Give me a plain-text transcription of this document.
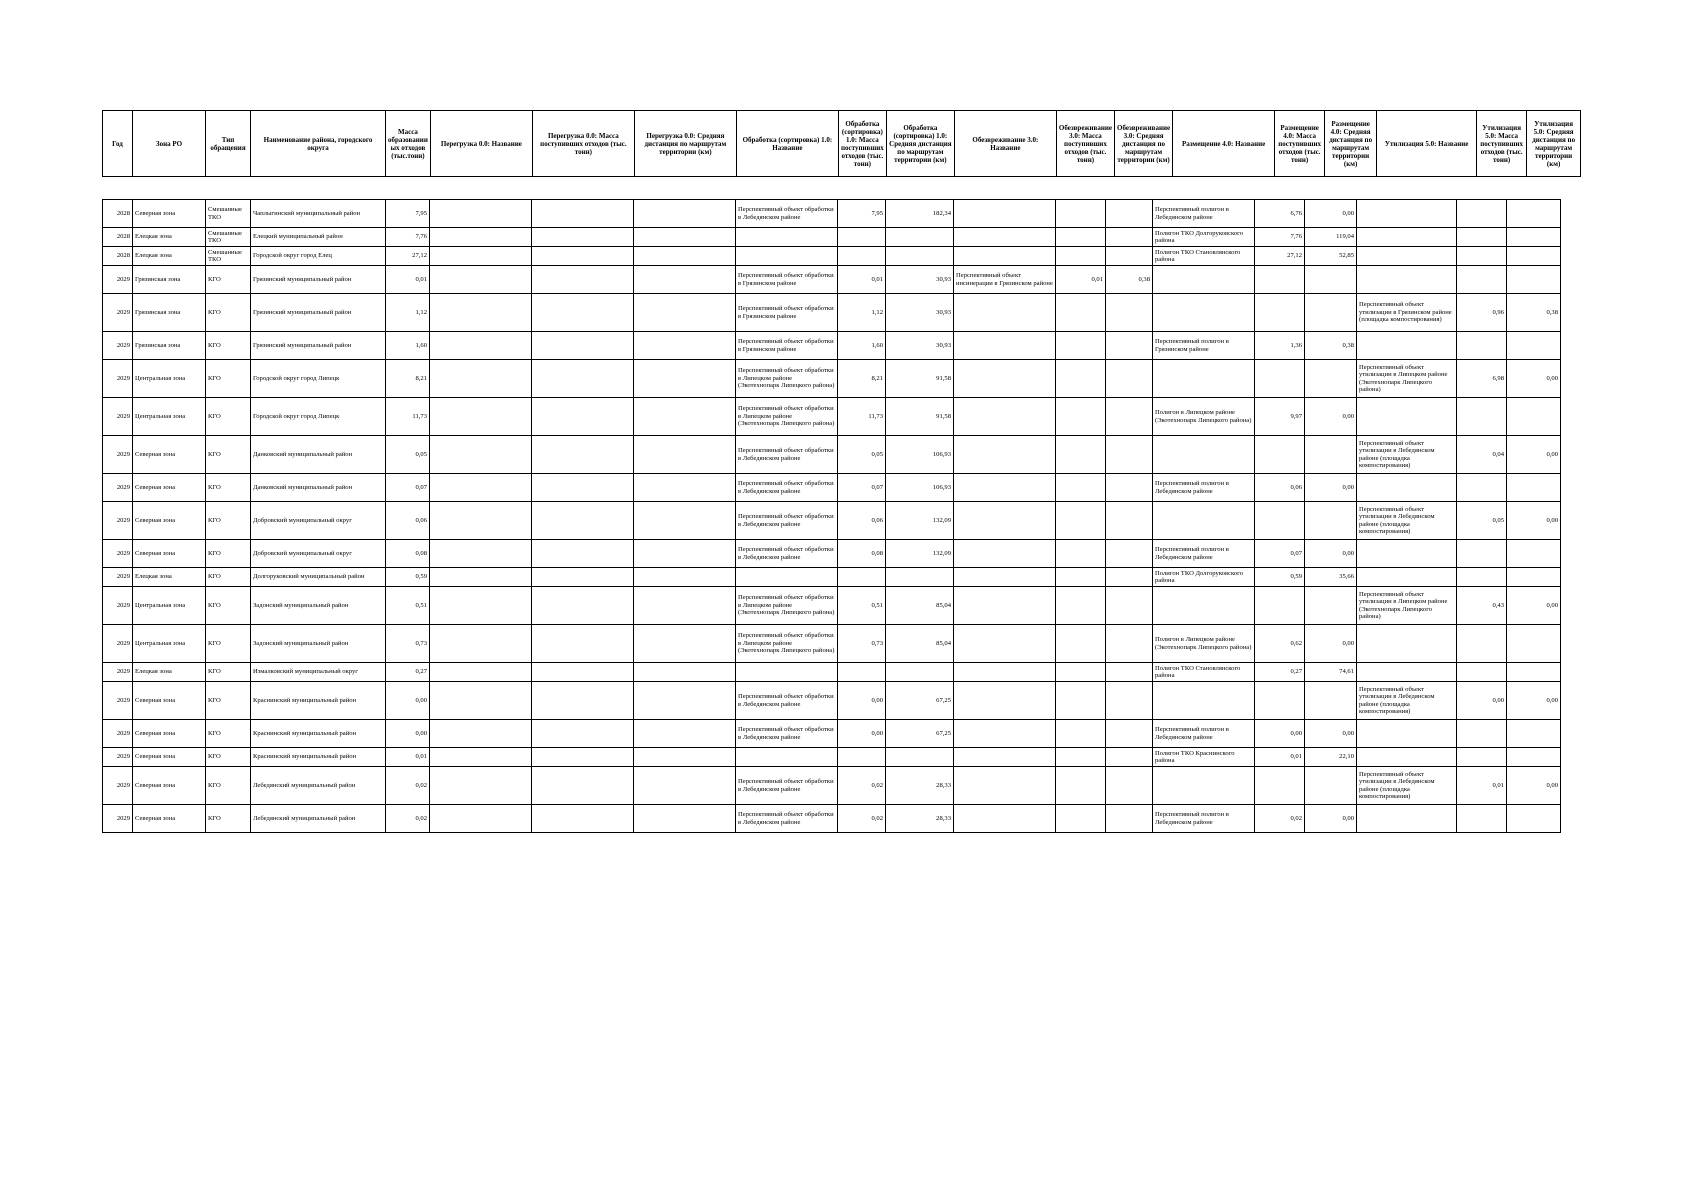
Год	Зона РО	Тип обращения	Наименование района, городского округа	Масса образовании ых отходов (тыс.тонн)	Перегрузка 0.0: Название	Перегрузка 0.0: Масса поступивших отходов (тыс. тонн)	Перегрузка 0.0: Средняя дистанция по маршрутам территории (км)	Обработка (сортировка) 1.0: Название	Обработка (сортировка) 1.0: Масса поступивших отходов (тыс. тонн)	Обработка (сортировка) 1.0: Средняя дистанция по маршрутам территории (км)	Обезвреживание 3.0: Название	Обезвреживание 3.0: Масса поступивших отходов (тыс. тонн)	Обезвреживание 3.0: Средняя дистанция по маршрутам территории (км)	Размещение 4.0: Название	Размещение 4.0: Масса поступивших отходов (тыс. тонн)	Размещение 4.0: Средняя дистанция по маршрутам территории (км)	Утилизация 5.0: Название	Утилизация 5.0: Масса поступивших отходов (тыс. тонн)	Утилизация 5.0: Средняя дистанция по маршрутам территории (км)
2028	Северная зона	Смешанные ТКО	Чаплыгинский муниципальный район	7,95				Перспективный объект обработки в Лебедянском районе	7,95	182,34				Перспективный полигон в Лебедянском районе	6,76	0,00			
2028	Елецкая зона	Смешанные ТКО	Елецкий муниципальный район	7,76										Полигон ТКО Долгоруковского района	7,76	119,04			
2028	Елецкая зона	Смешанные ТКО	Городской округ город Елец	27,12										Полигон ТКО Становлянского района	27,12	52,85			
2029	Грязинская зона	КГО	Грязинский муниципальный район	0,01				Перспективный объект обработки в Грязинском районе	0,01	30,93	Перспективный объект инсинерации в Грязинском районе	0,01	0,38						
2029	Грязинская зона	КГО	Грязинский муниципальный район	1,12				Перспективный объект обработки в Грязинском районе	1,12	30,93							Перспективный объект утилизации в Грязинском районе (площадка компостирования)	0,96	0,38
2029	Грязинская зона	КГО	Грязинский муниципальный район	1,60				Перспективный объект обработки в Грязинском районе	1,60	30,93				Перспективный полигон в Грязинском районе	1,36	0,38			
2029	Центральная зона	КГО	Городской округ город Липецк	8,21				Перспективный объект обработки в Липецком районе (Экотехнопарк Липецкого района)	8,21	91,58							Перспективный объект утилизации в Липецком районе (Экотехнопарк Липецкого района)	6,98	0,00
2029	Центральная зона	КГО	Городской округ город Липецк	11,73				Перспективный объект обработки в Липецком районе (Экотехнопарк Липецкого района)	11,73	91,58				Полигон в Липецком районе (Экотехнопарк Липецкого района)	9,97	0,00			
2029	Северная зона	КГО	Данковский муниципальный район	0,05				Перспективный объект обработки в Лебедянском районе	0,05	106,93							Перспективный объект утилизации в Лебедянском районе (площадка компостирования)	0,04	0,00
2029	Северная зона	КГО	Данковский муниципальный район	0,07				Перспективный объект обработки в Лебедянском районе	0,07	106,93				Перспективный полигон в Лебедянском районе	0,06	0,00			
2029	Северная зона	КГО	Добровский муниципальный округ	0,06				Перспективный объект обработки в Лебедянском районе	0,06	132,09							Перспективный объект утилизации в Лебедянском районе (площадка компостирования)	0,05	0,00
2029	Северная зона	КГО	Добровский муниципальный округ	0,08				Перспективный объект обработки в Лебедянском районе	0,08	132,09				Перспективный полигон в Лебедянском районе	0,07	0,00			
2029	Елецкая зона	КГО	Долгоруковский муниципальный район	0,59										Полигон ТКО Долгоруковского района	0,59	35,66			
2029	Центральная зона	КГО	Задонский муниципальный район	0,51				Перспективный объект обработки в Липецком районе (Экотехнопарк Липецкого района)	0,51	85,04							Перспективный объект утилизации в Липецком районе (Экотехнопарк Липецкого района)	0,43	0,00
2029	Центральная зона	КГО	Задонский муниципальный район	0,73				Перспективный объект обработки в Липецком районе (Экотехнопарк Липецкого района)	0,73	85,04				Полигон в Липецком районе (Экотехнопарк Липецкого района)	0,62	0,00			
2029	Елецкая зона	КГО	Измалковский муниципальный округ	0,27										Полигон ТКО Становлянского района	0,27	74,61			
2029	Северная зона	КГО	Краснинский муниципальный район	0,00				Перспективный объект обработки в Лебедянском районе	0,00	67,25							Перспективный объект утилизации в Лебедянском районе (площадка компостирования)	0,00	0,00
2029	Северная зона	КГО	Краснинский муниципальный район	0,00				Перспективный объект обработки в Лебедянском районе	0,00	67,25				Перспективный полигон в Лебедянском районе	0,00	0,00			
2029	Северная зона	КГО	Краснинский муниципальный район	0,01										Полигон ТКО Краснинского района	0,01	22,10			
2029	Северная зона	КГО	Лебедянский муниципальный район	0,02				Перспективный объект обработки в Лебедянском районе	0,02	28,33							Перспективный объект утилизации в Лебедянском районе (площадка компостирования)	0,01	0,00
2029	Северная зона	КГО	Лебедянский муниципальный район	0,02				Перспективный объект обработки в Лебедянском районе	0,02	28,33				Перспективный полигон в Лебедянском районе	0,02	0,00			
